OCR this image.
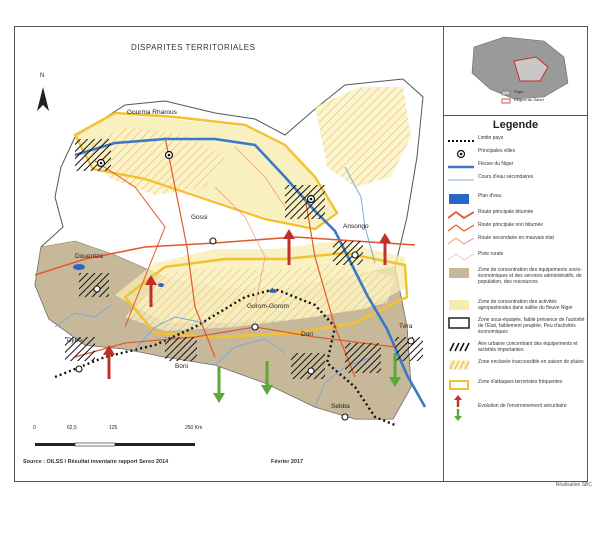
DISPARITES TERRITORIALES
N
Gourma Rharous
Gossi
Ansongo
Douentza
Gorom-Gorom
Djibo
Dori
Téra
Sebba
Boni
0	62,5	125	250 Km
Source : OILSS / Résultat inventaire rapport Sereo 2014	Février 2017
Pays
Région du Sahel
Legende
Limite pays
Principales villes
Fleuve du Niger
Cours d'eau secondaires
Plan d'eau
Route principale bitumée
Route principale non bitumée
Route secondaire en mauvais état
Piste rurale
Zone de concentration des équipements socio-économiques et des services administratifs, de population, des ressources
Zone de concentration des activités agropastorales dans vallée du fleuve Niger
Zone sous-équipée, faible présence de l'autorité de l'Etat, faiblement peuplée, Peu d'activités économiques
Aire urbaine concentrant des équipements et activités importantes
Zone enclavée inaccessible en saison de pluies
Zone d'attaques terroristes fréquentes
Evolution de l'environnement sécuritaire
Réalisation SBC
